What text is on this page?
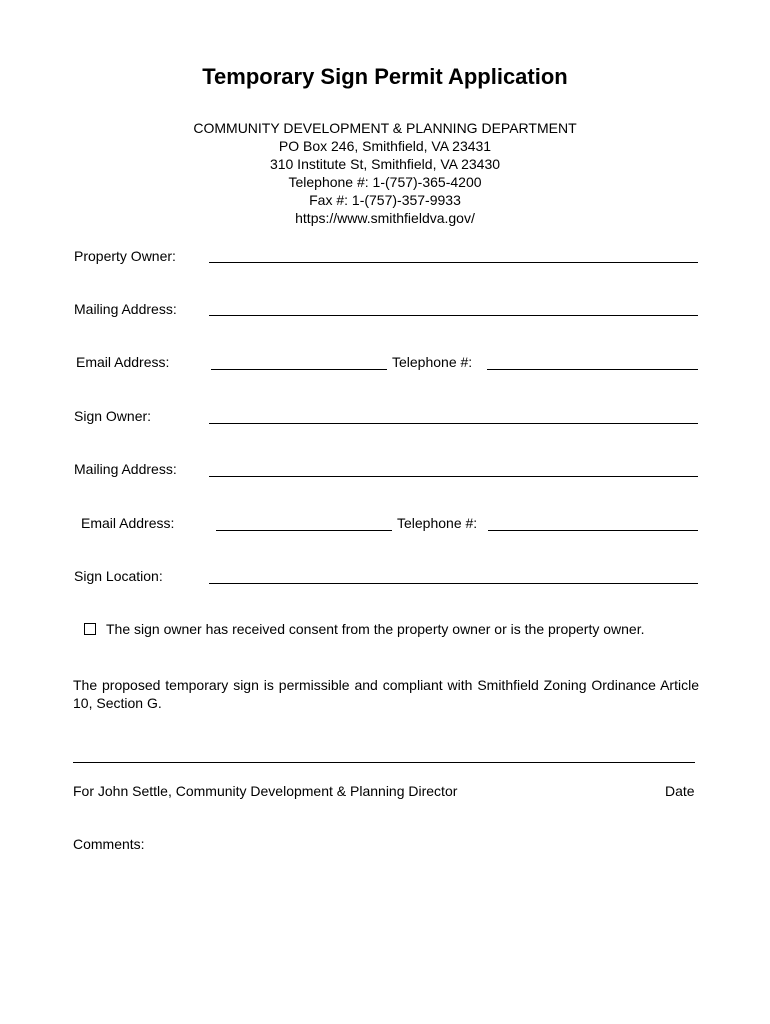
Temporary Sign Permit Application
COMMUNITY DEVELOPMENT & PLANNING DEPARTMENT
PO Box 246, Smithfield, VA 23431
310 Institute St, Smithfield, VA 23430
Telephone #: 1-(757)-365-4200
Fax #: 1-(757)-357-9933
https://www.smithfieldva.gov/
Property Owner:
Mailing Address:
Email Address:	Telephone #:
Sign Owner:
Mailing Address:
Email Address:	Telephone #:
Sign Location:
The sign owner has received consent from the property owner or is the property owner.
The proposed temporary sign is permissible and compliant with Smithfield Zoning Ordinance Article 10, Section G.
For John Settle, Community Development & Planning Director	Date
Comments:
